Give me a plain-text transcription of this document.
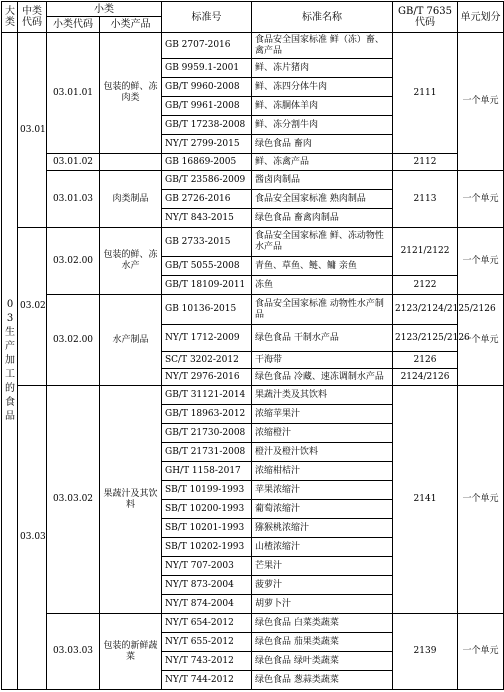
大类	中类代码	小类		标准号	标准名称	GB/T 7635 代码	单元划分
		小类代码	小类产品				
03生产加工的食品	03.01	03.01.01	包装的鲜、冻肉类	GB 2707-2016	食品安全国家标准 鲜（冻）畜、禽产品	2111	一个单元
				GB 9959.1-2001	鲜、冻片猪肉		
				GB/T 9960-2008	鲜、冻四分体牛肉		
				GB/T 9961-2008	鲜、冻胴体羊肉		
				GB/T 17238-2008	鲜、冻分割牛肉		
				NY/T 2799-2015	绿色食品 畜肉		
		03.01.02		GB 16869-2005	鲜、冻禽产品	2112	
		03.01.03	肉类制品	GB/T 23586-2009	酱卤肉制品	2113	一个单元
				GB 2726-2016	食品安全国家标准 熟肉制品		
				NY/T 843-2015	绿色食品 畜禽肉制品		
	03.02	03.02.00	包装的鲜、冻水产	GB 2733-2015	食品安全国家标准 鲜、冻动物性水产品	2121/2122	一个单元
				GB/T 5055-2008	青鱼、草鱼、鲢、鳙 亲鱼		
				GB/T 18109-2011	冻鱼	2122	
		03.02.00	水产制品	GB 10136-2015	食品安全国家标准 动物性水产制品	2123/2124/2125/2126	一个单元
				NY/T 1712-2009	绿色食品 干制水产品	2123/2125/2126	
				SC/T 3202-2012	干海带	2126	
				NY/T 2976-2016	绿色食品 冷藏、速冻调制水产品	2124/2126	
	03.03	03.03.02	果蔬汁及其饮料	GB/T 31121-2014	果蔬汁类及其饮料	2141	一个单元
				GB/T 18963-2012	浓缩苹果汁		
				GB/T 21730-2008	浓缩橙汁		
				GB/T 21731-2008	橙汁及橙汁饮料		
				GH/T 1158-2017	浓缩柑桔汁		
				SB/T 10199-1993	苹果浓缩汁		
				SB/T 10200-1993	葡萄浓缩汁		
				SB/T 10201-1993	猕猴桃浓缩汁		
				SB/T 10202-1993	山楂浓缩汁		
				NY/T 707-2003	芒果汁		
				NY/T 873-2004	菠萝汁		
				NY/T 874-2004	胡萝卜汁		
		03.03.03	包装的新鲜蔬菜	NY/T 654-2012	绿色食品 白菜类蔬菜	2139	一个单元
				NY/T 655-2012	绿色食品 茄果类蔬菜		
				NY/T 743-2012	绿色食品 绿叶类蔬菜		
				NY/T 744-2012	绿色食品 葱蒜类蔬菜		
